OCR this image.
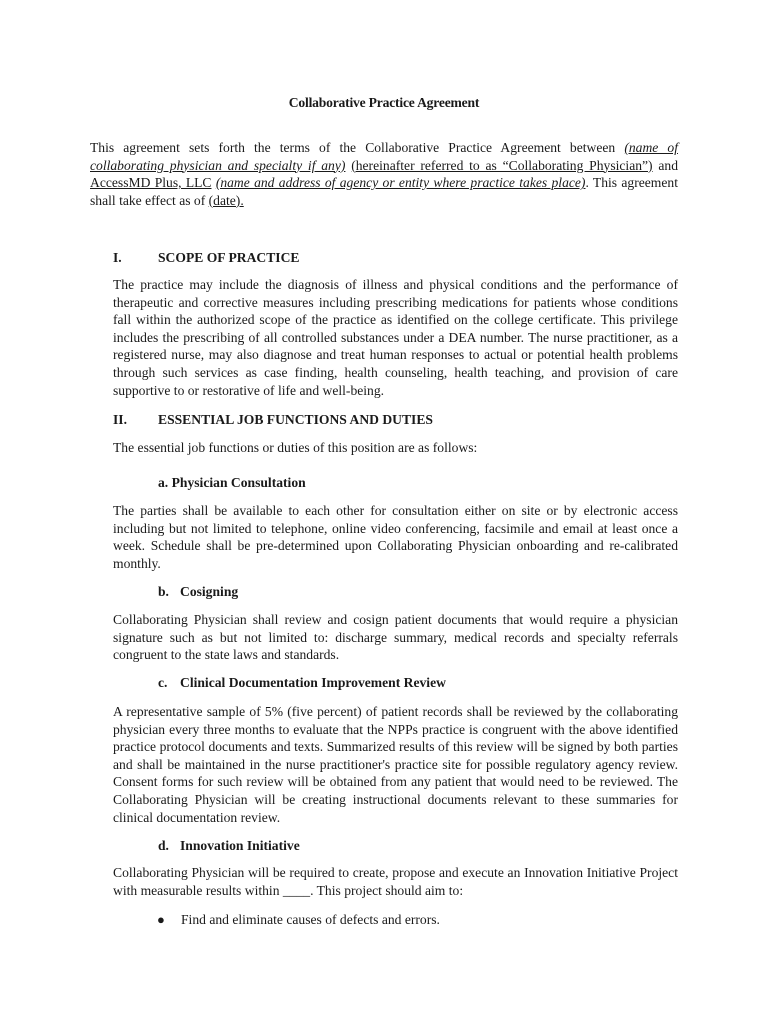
Collaborative Practice Agreement

This agreement sets forth the terms of the Collaborative Practice Agreement between (name of collaborating physician and specialty if any) (hereinafter referred to as “Collaborating Physician”) and AccessMD Plus, LLC (name and address of agency or entity where practice takes place). This agreement shall take effect as of (date).

I.	SCOPE OF PRACTICE

The practice may include the diagnosis of illness and physical conditions and the performance of therapeutic and corrective measures including prescribing medications for patients whose conditions fall within the authorized scope of the practice as identified on the college certificate. This privilege includes the prescribing of all controlled substances under a DEA number. The nurse practitioner, as a registered nurse, may also diagnose and treat human responses to actual or potential health problems through such services as case finding, health counseling, health teaching, and provision of care supportive to or restorative of life and well-being.

II. ESSENTIAL JOB FUNCTIONS AND DUTIES

The essential job functions or duties of this position are as follows:

a. Physician Consultation

The parties shall be available to each other for consultation either on site or by electronic access including but not limited to telephone, online video conferencing, facsimile and email at least once a week. Schedule shall be pre-determined upon Collaborating Physician onboarding and re-calibrated monthly.

b. Cosigning

Collaborating Physician shall review and cosign patient documents that would require a physician signature such as but not limited to: discharge summary, medical records and specialty referrals congruent to the state laws and standards.

c. Clinical Documentation Improvement Review

A representative sample of 5% (five percent) of patient records shall be reviewed by the collaborating physician every three months to evaluate that the NPPs practice is congruent with the above identified practice protocol documents and texts. Summarized results of this review will be signed by both parties and shall be maintained in the nurse practitioner's practice site for possible regulatory agency review. Consent forms for such review will be obtained from any patient that would need to be reviewed. The Collaborating Physician will be creating instructional documents relevant to these summaries for clinical documentation review.

d. Innovation Initiative

Collaborating Physician will be required to create, propose and execute an Innovation Initiative Project with measurable results within ____. This project should aim to:

●	Find and eliminate causes of defects and errors.
